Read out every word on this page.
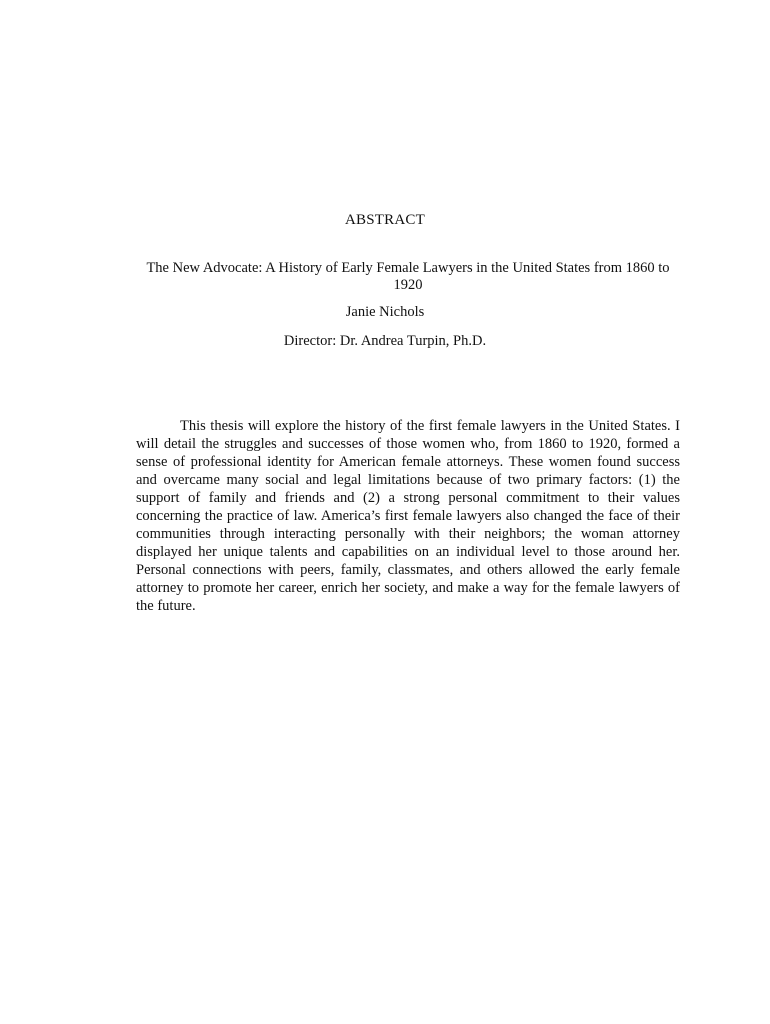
ABSTRACT
The New Advocate: A History of Early Female Lawyers in the United States from 1860 to 1920
Janie Nichols
Director: Dr. Andrea Turpin, Ph.D.

This thesis will explore the history of the first female lawyers in the United States. I will detail the struggles and successes of those women who, from 1860 to 1920, formed a sense of professional identity for American female attorneys. These women found success and overcame many social and legal limitations because of two primary factors: (1) the support of family and friends and (2) a strong personal commitment to their values concerning the practice of law. America’s first female lawyers also changed the face of their communities through interacting personally with their neighbors; the woman attorney displayed her unique talents and capabilities on an individual level to those around her. Personal connections with peers, family, classmates, and others allowed the early female attorney to promote her career, enrich her society, and make a way for the female lawyers of the future.
